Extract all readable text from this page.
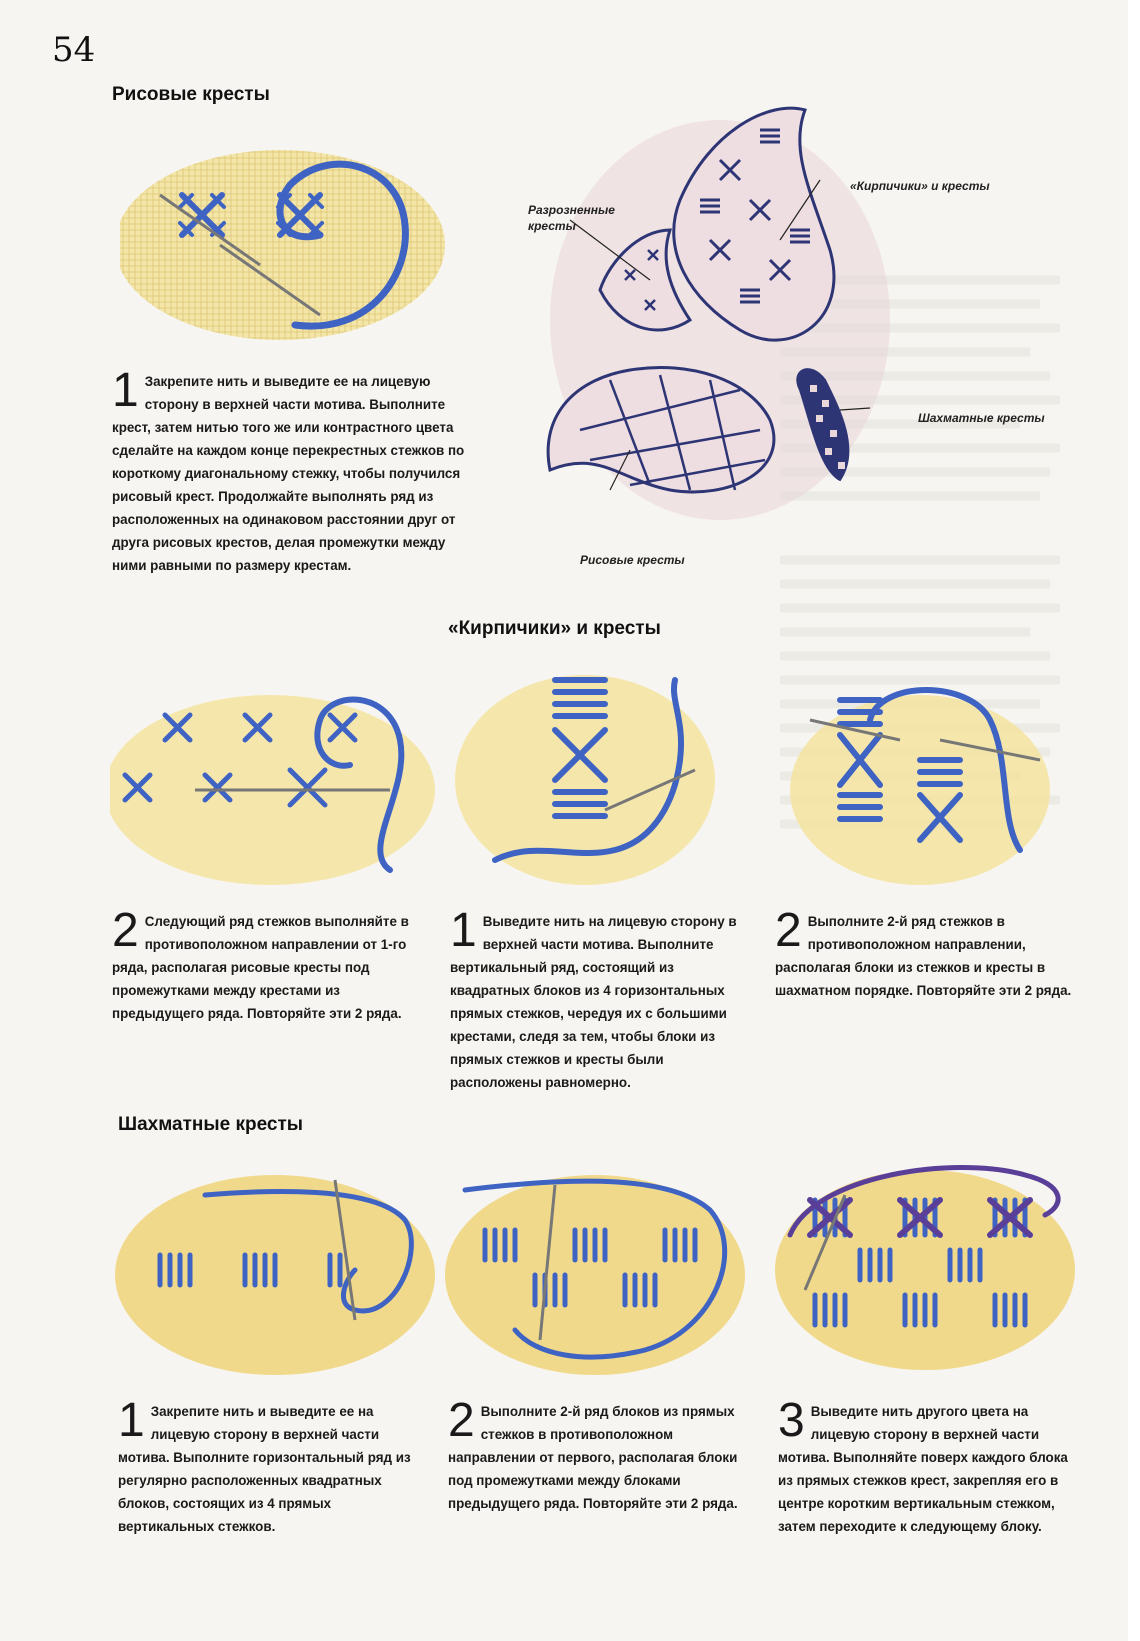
54
Рисовые кресты
1 Закрепите нить и выведите ее на лицевую сторону в верхней части мотива. Выполните крест, затем нитью того же или контрастного цвета сделайте на каждом конце перекрестных стежков по короткому диагональному стежку, чтобы получился рисовый крест. Продолжайте выполнять ряд из расположенных на одинаковом расстоянии друг от друга рисовых крестов, делая промежутки между ними равными по размеру крестам.
Разрозненные кресты
«Кирпичики» и кресты
Шахматные кресты
Рисовые кресты
«Кирпичики» и кресты
2 Следующий ряд стежков выполняйте в противоположном направлении от 1-го ряда, располагая рисовые кресты под промежутками между крестами из предыдущего ряда. Повторяйте эти 2 ряда.
1 Выведите нить на лицевую сторону в верхней части мотива. Выполните вертикальный ряд, состоящий из квадратных блоков из 4 горизонтальных прямых стежков, чередуя их с большими крестами, следя за тем, чтобы блоки из прямых стежков и кресты были расположены равномерно.
2 Выполните 2-й ряд стежков в противоположном направлении, располагая блоки из стежков и кресты в шахматном порядке. Повторяйте эти 2 ряда.
Шахматные кресты
1 Закрепите нить и выведите ее на лицевую сторону в верхней части мотива. Выполните горизонтальный ряд из регулярно расположенных квадратных блоков, состоящих из 4 прямых вертикальных стежков.
2 Выполните 2-й ряд блоков из прямых стежков в противоположном направлении от первого, располагая блоки под промежутками между блоками предыдущего ряда. Повторяйте эти 2 ряда.
3 Выведите нить другого цвета на лицевую сторону в верхней части мотива. Выполняйте поверх каждого блока из прямых стежков крест, закрепляя его в центре коротким вертикальным стежком, затем переходите к следующему блоку.
